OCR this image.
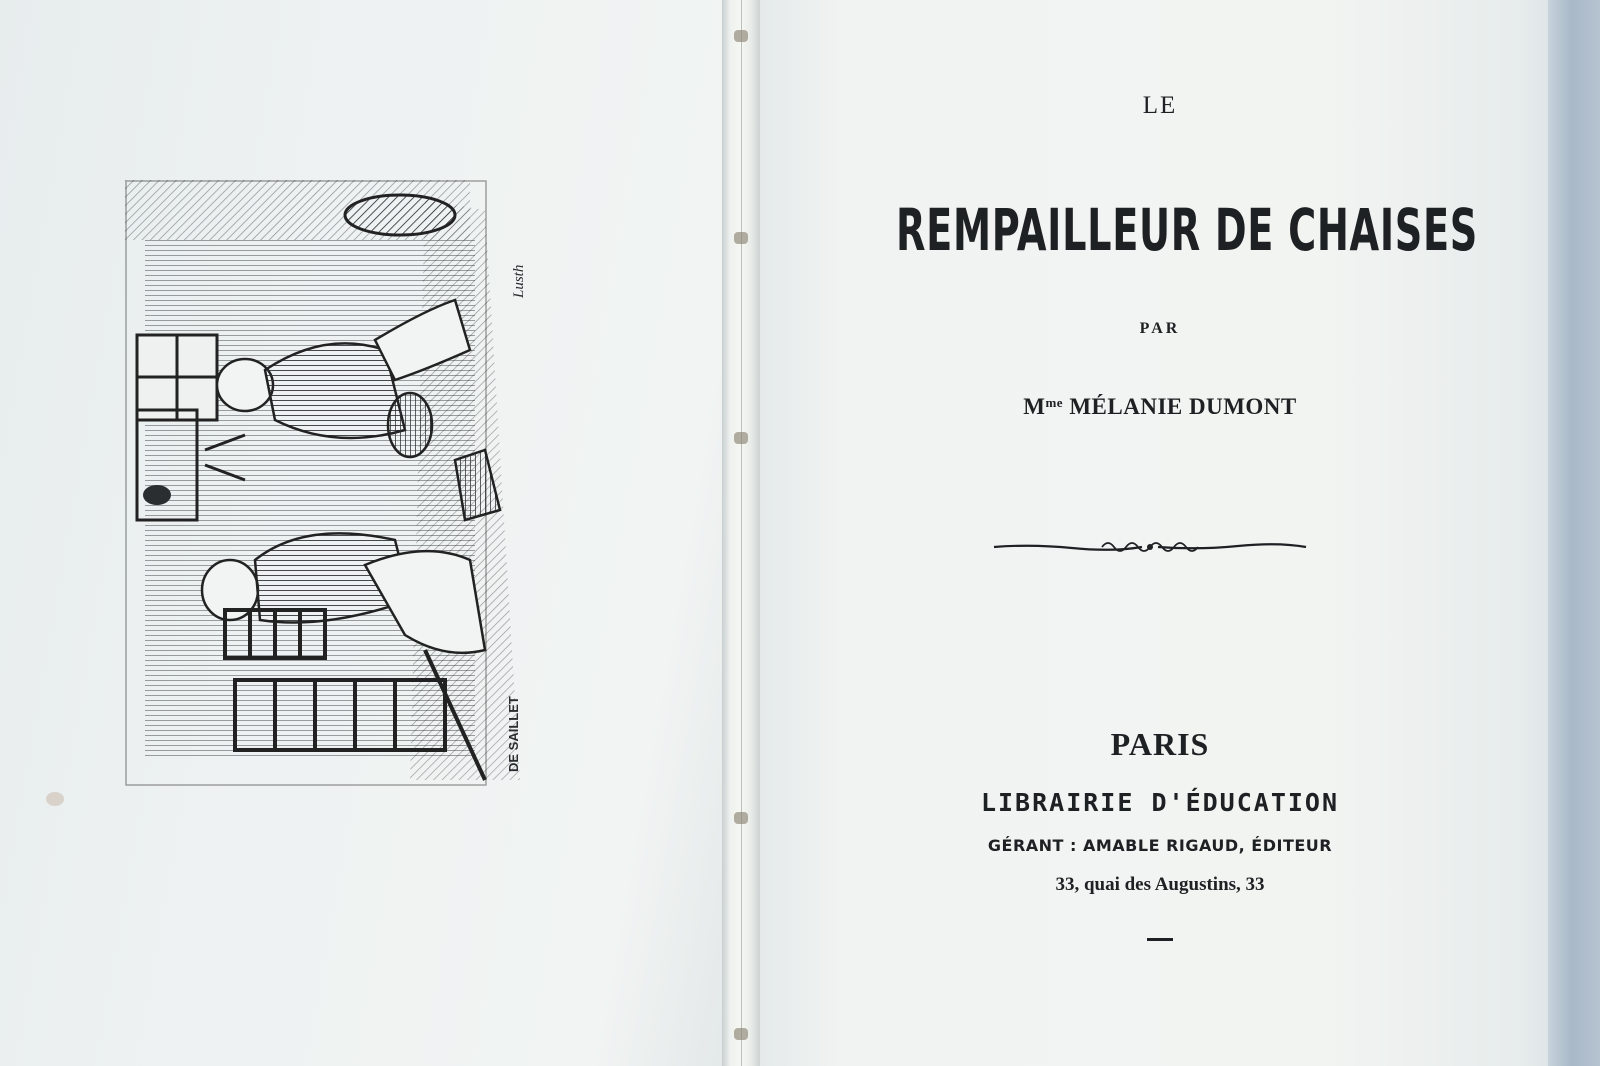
DE SAILLET
Lusth
LE
REMPAILLEUR DE CHAISES
PAR
$M^{me}$ MÉLANIE DUMONT
PARIS
LIBRAIRIE D'ÉDUCATION
GÉRANT : AMABLE RIGAUD, ÉDITEUR
33, quai des Augustins, 33
